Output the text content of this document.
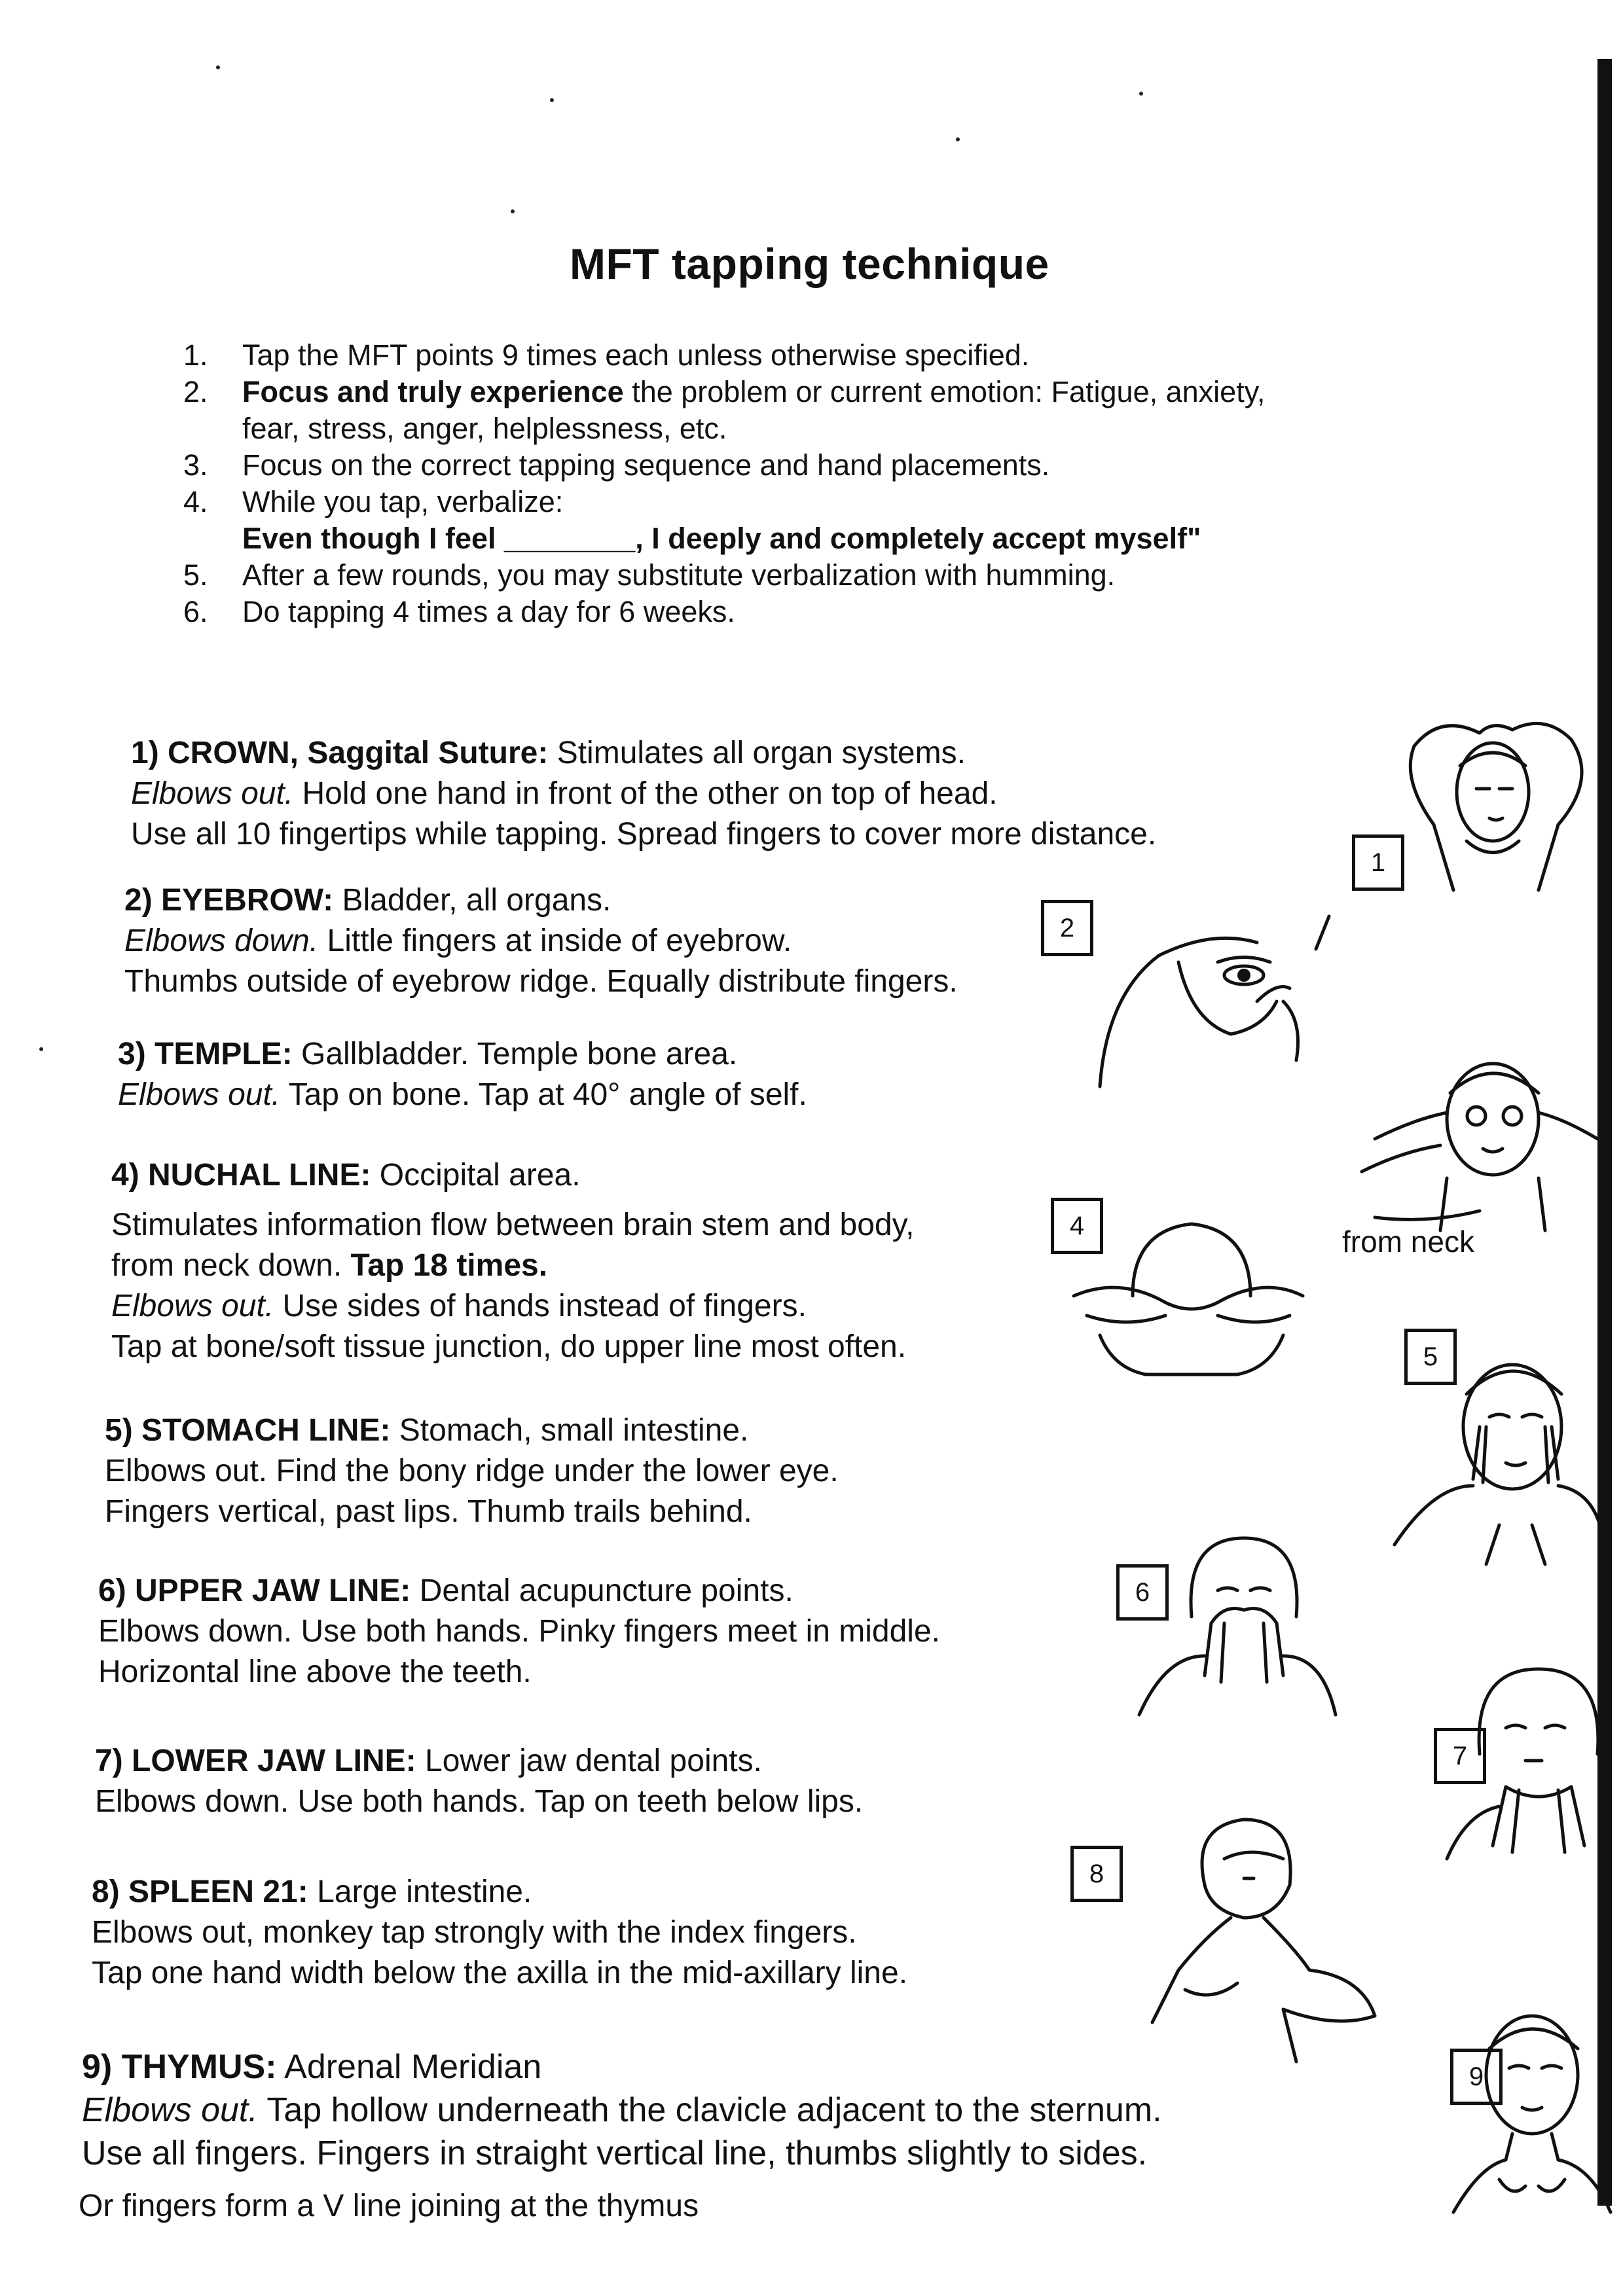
MFT tapping technique
1. Tap the MFT points 9 times each unless otherwise specified.
2. Focus and truly experience the problem or current emotion: Fatigue, anxiety,
fear, stress, anger, helplessness, etc.
3. Focus on the correct tapping sequence and hand placements.
4. While you tap, verbalize:
Even though I feel ________, I deeply and completely accept myself"
5. After a few rounds, you may substitute verbalization with humming.
6. Do tapping 4 times a day for 6 weeks.
1) CROWN, Saggital Suture: Stimulates all organ systems.
Elbows out. Hold one hand in front of the other on top of head.
Use all 10 fingertips while tapping. Spread fingers to cover more distance.
2) EYEBROW: Bladder, all organs.
Elbows down. Little fingers at inside of eyebrow.
Thumbs outside of eyebrow ridge. Equally distribute fingers.
3) TEMPLE: Gallbladder. Temple bone area.
Elbows out. Tap on bone. Tap at 40° angle of self.
4) NUCHAL LINE: Occipital area.
Stimulates information flow between brain stem and body,
from neck down. Tap 18 times.
Elbows out. Use sides of hands instead of fingers.
Tap at bone/soft tissue junction, do upper line most often.
5) STOMACH LINE: Stomach, small intestine.
Elbows out. Find the bony ridge under the lower eye.
Fingers vertical, past lips. Thumb trails behind.
6) UPPER JAW LINE: Dental acupuncture points.
Elbows down. Use both hands. Pinky fingers meet in middle.
Horizontal line above the teeth.
7) LOWER JAW LINE: Lower jaw dental points.
Elbows down. Use both hands. Tap on teeth below lips.
8) SPLEEN 21: Large intestine.
Elbows out, monkey tap strongly with the index fingers.
Tap one hand width below the axilla in the mid-axillary line.
9) THYMUS: Adrenal Meridian
Elbows out. Tap hollow underneath the clavicle adjacent to the sternum.
Use all fingers. Fingers in straight vertical line, thumbs slightly to sides.
Or fingers form a V line joining at the thymus
1
2
4
5
6
7
8
9
from neck
